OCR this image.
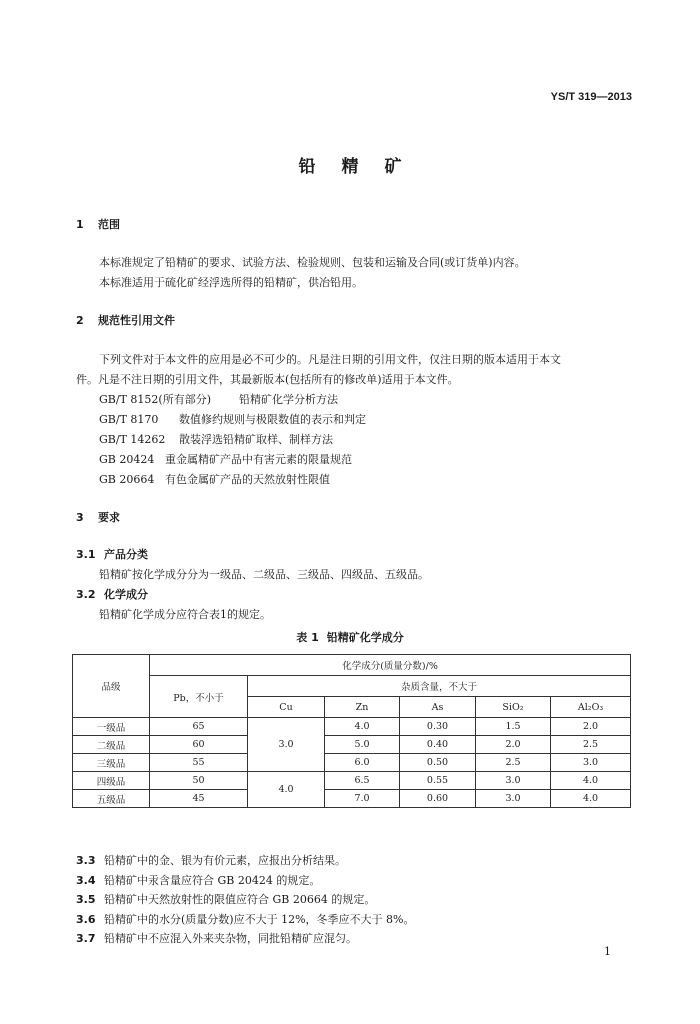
YS/T 319—2013
铅精矿
1 范围
本标准规定了铅精矿的要求、试验方法、检验规则、包装和运输及合同(或订货单)内容。
本标准适用于硫化矿经浮选所得的铅精矿，供冶铅用。
2 规范性引用文件
下列文件对于本文件的应用是必不可少的。凡是注日期的引用文件，仅注日期的版本适用于本文
件。凡是不注日期的引用文件，其最新版本(包括所有的修改单)适用于本文件。
GB/T 8152(所有部分)	铅精矿化学分析方法
GB/T 8170 数值修约规则与极限数值的表示和判定
GB/T 14262 散装浮选铅精矿取样、制样方法
GB 20424 重金属精矿产品中有害元素的限量规范
GB 20664 有色金属矿产品的天然放射性限值
3 要求
3.1 产品分类
铅精矿按化学成分分为一级品、二级品、三级品、四级品、五级品。
3.2 化学成分
铅精矿化学成分应符合表1的规定。
表 1 铅精矿化学成分
品级	化学成分(质量分数)/%					
	Pb，不小于	杂质含量，不大于				
		Cu	Zn	As	SiO₂	Al₂O₃
一级品	65	3.0	4.0	0.30	1.5	2.0
二级品	60		5.0	0.40	2.0	2.5
三级品	55		6.0	0.50	2.5	3.0
四级品	50	4.0	6.5	0.55	3.0	4.0
五级品	45		7.0	0.60	3.0	4.0
3.3 铅精矿中的金、银为有价元素，应报出分析结果。
3.4 铅精矿中汞含量应符合 GB 20424 的规定。
3.5 铅精矿中天然放射性的限值应符合 GB 20664 的规定。
3.6 铅精矿中的水分(质量分数)应不大于 12%，冬季应不大于 8%。
3.7 铅精矿中不应混入外来夹杂物，同批铅精矿应混匀。
1
